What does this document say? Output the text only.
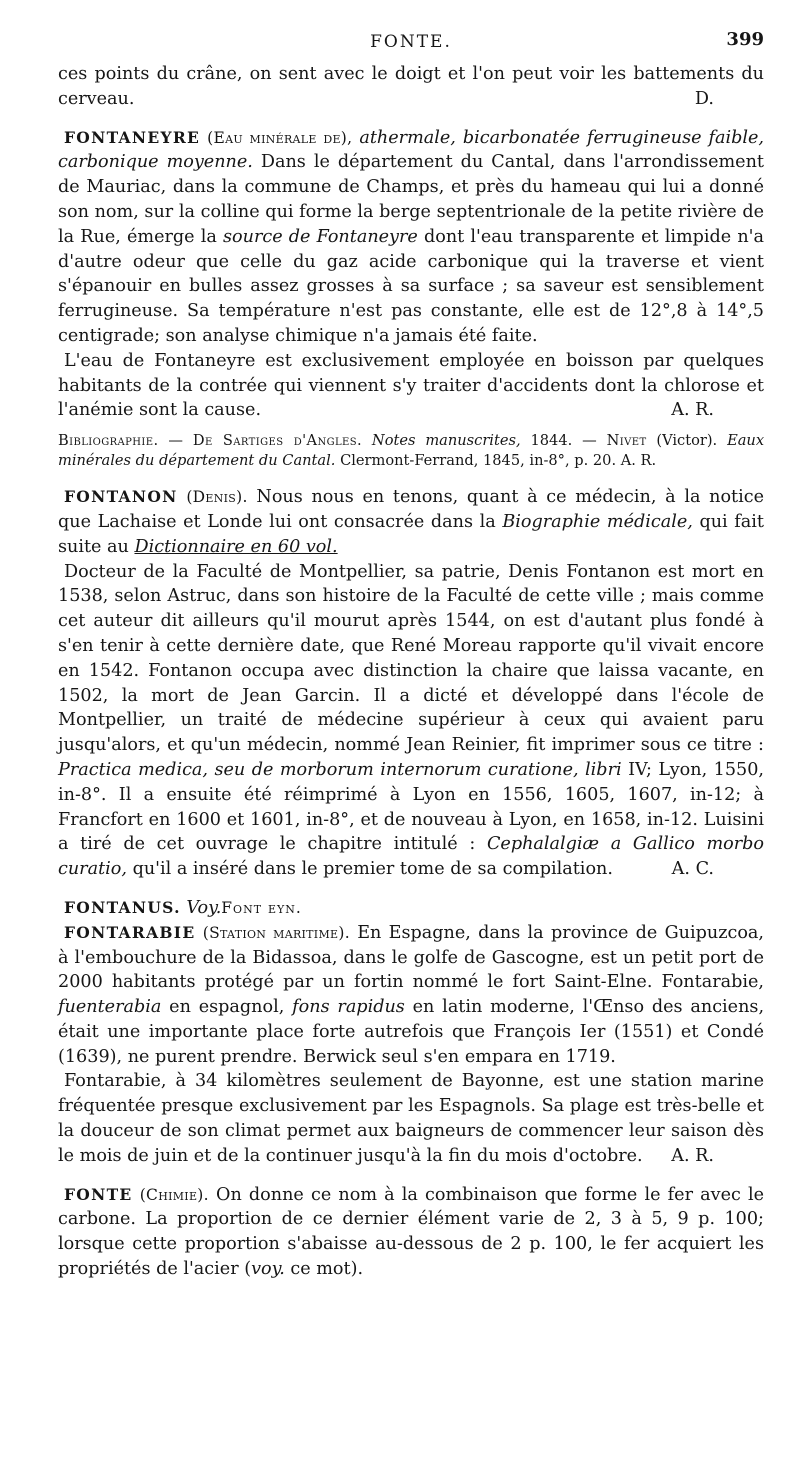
FONTE.	399

ces points du crâne, on sent avec le doigt et l'on peut voir les battements du cerveau.	D.

FONTANEYRE (Eau minérale de), athermale, bicarbonatée ferrugineuse faible, carbonique moyenne. Dans le département du Cantal, dans l'arrondissement de Mauriac, dans la commune de Champs, et près du hameau qui lui a donné son nom, sur la colline qui forme la berge septentrionale de la petite rivière de la Rue, émerge la source de Fontaneyre dont l'eau transparente et limpide n'a d'autre odeur que celle du gaz acide carbonique qui la traverse et vient s'épanouir en bulles assez grosses à sa surface ; sa saveur est sensiblement ferrugineuse. Sa température n'est pas constante, elle est de 12°,8 à 14°,5 centigrade; son analyse chimique n'a jamais été faite.

L'eau de Fontaneyre est exclusivement employée en boisson par quelques habitants de la contrée qui viennent s'y traiter d'accidents dont la chlorose et l'anémie sont la cause.	A. R.

Bibliographie. — De Sartiges d'Angles. Notes manuscrites, 1844. — Nivet (Victor). Eaux minérales du département du Cantal. Clermont-Ferrand, 1845, in-8°, p. 20. A. R.

FONTANON (Denis). Nous nous en tenons, quant à ce médecin, à la notice que Lachaise et Londe lui ont consacrée dans la Biographie médicale, qui fait suite au Dictionnaire en 60 vol.

Docteur de la Faculté de Montpellier, sa patrie, Denis Fontanon est mort en 1538, selon Astruc, dans son histoire de la Faculté de cette ville ; mais comme cet auteur dit ailleurs qu'il mourut après 1544, on est d'autant plus fondé à s'en tenir à cette dernière date, que René Moreau rapporte qu'il vivait encore en 1542. Fontanon occupa avec distinction la chaire que laissa vacante, en 1502, la mort de Jean Garcin. Il a dicté et développé dans l'école de Montpellier, un traité de médecine supérieur à ceux qui avaient paru jusqu'alors, et qu'un médecin, nommé Jean Reinier, fit imprimer sous ce titre : Practica medica, seu de morborum internorum curatione, libri IV; Lyon, 1550, in-8°. Il a ensuite été réimprimé à Lyon en 1556, 1605, 1607, in-12; à Francfort en 1600 et 1601, in-8°, et de nouveau à Lyon, en 1658, in-12. Luisini a tiré de cet ouvrage le chapitre intitulé : Cephalalgiæ a Gallico morbo curatio, qu'il a inséré dans le premier tome de sa compilation.	A. C.

FONTANUS. Voy.Font eyn.

FONTARABIE (Station maritime). En Espagne, dans la province de Guipuzcoa, à l'embouchure de la Bidassoa, dans le golfe de Gascogne, est un petit port de 2000 habitants protégé par un fortin nommé le fort Saint-Elne. Fontarabie, fuenterabia en espagnol, fons rapidus en latin moderne, l'Œnso des anciens, était une importante place forte autrefois que François Ier (1551) et Condé (1639), ne purent prendre. Berwick seul s'en empara en 1719.

Fontarabie, à 34 kilomètres seulement de Bayonne, est une station marine fréquentée presque exclusivement par les Espagnols. Sa plage est très-belle et la douceur de son climat permet aux baigneurs de commencer leur saison dès le mois de juin et de la continuer jusqu'à la fin du mois d'octobre.	A. R.

FONTE (Chimie). On donne ce nom à la combinaison que forme le fer avec le carbone. La proportion de ce dernier élément varie de 2, 3 à 5, 9 p. 100; lorsque cette proportion s'abaisse au-dessous de 2 p. 100, le fer acquiert les propriétés de l'acier (voy. ce mot).
